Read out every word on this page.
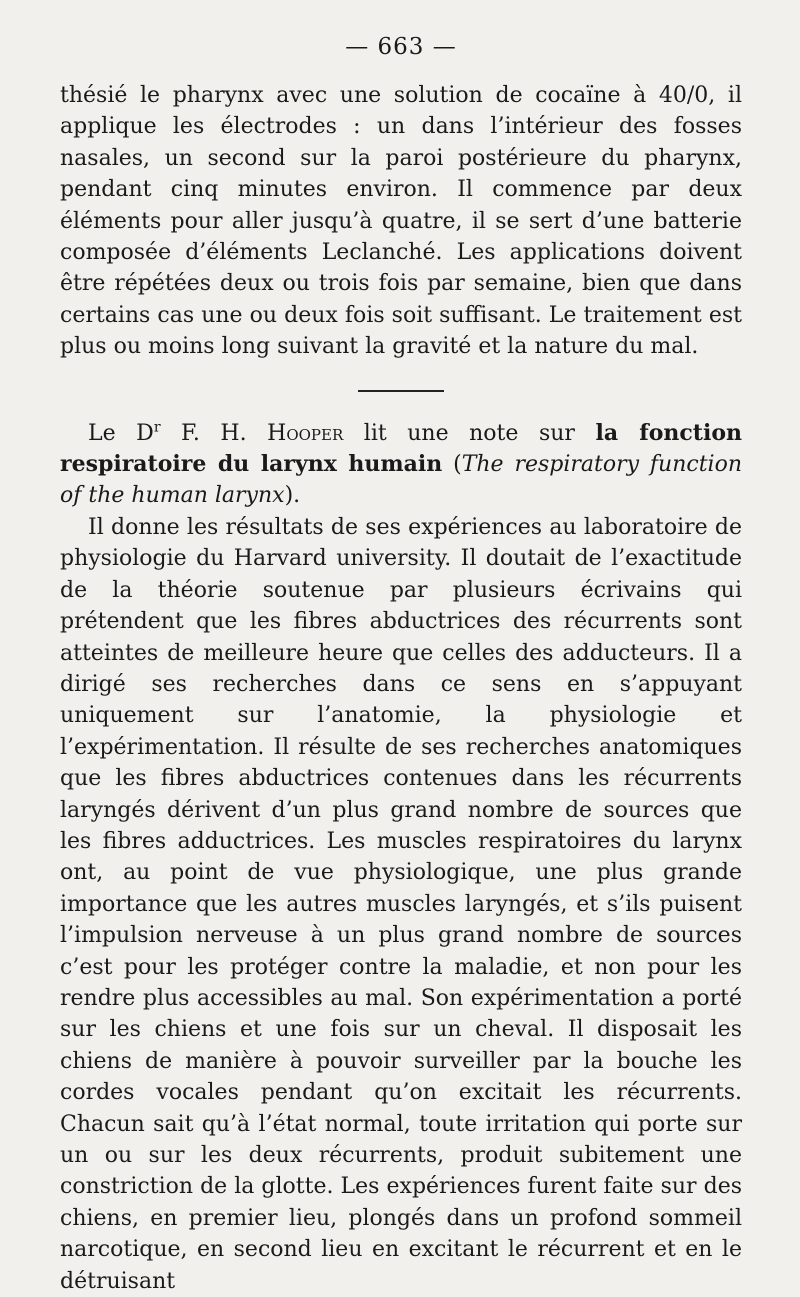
— 663 —

thésié le pharynx avec une solution de cocaïne à 40/0, il applique les électrodes : un dans l’intérieur des fosses nasales, un second sur la paroi postérieure du pharynx, pendant cinq minutes environ. Il commence par deux éléments pour aller jusqu’à quatre, il se sert d’une batterie composée d’éléments Leclanché. Les applications doivent être répétées deux ou trois fois par semaine, bien que dans certains cas une ou deux fois soit suffisant. Le traitement est plus ou moins long suivant la gravité et la nature du mal.

Le $D^r$ F. H. Hooper lit une note sur la fonction respiratoire du larynx humain (The respiratory function of the human larynx).

Il donne les résultats de ses expériences au laboratoire de physiologie du Harvard university. Il doutait de l’exactitude de la théorie soutenue par plusieurs écrivains qui prétendent que les fibres abductrices des récurrents sont atteintes de meilleure heure que celles des adducteurs. Il a dirigé ses recherches dans ce sens en s’appuyant uniquement sur l’anatomie, la physiologie et l’expérimentation. Il résulte de ses recherches anatomiques que les fibres abductrices contenues dans les récurrents laryngés dérivent d’un plus grand nombre de sources que les fibres adductrices. Les muscles respiratoires du larynx ont, au point de vue physiologique, une plus grande importance que les autres muscles laryngés, et s’ils puisent l’impulsion nerveuse à un plus grand nombre de sources c’est pour les protéger contre la maladie, et non pour les rendre plus accessibles au mal. Son expérimentation a porté sur les chiens et une fois sur un cheval. Il disposait les chiens de manière à pouvoir surveiller par la bouche les cordes vocales pendant qu’on excitait les récurrents. Chacun sait qu’à l’état normal, toute irritation qui porte sur un ou sur les deux récurrents, produit subitement une constriction de la glotte. Les expériences furent faite sur des chiens, en premier lieu, plongés dans un profond sommeil narcotique, en second lieu en excitant le récurrent et en le détruisant
